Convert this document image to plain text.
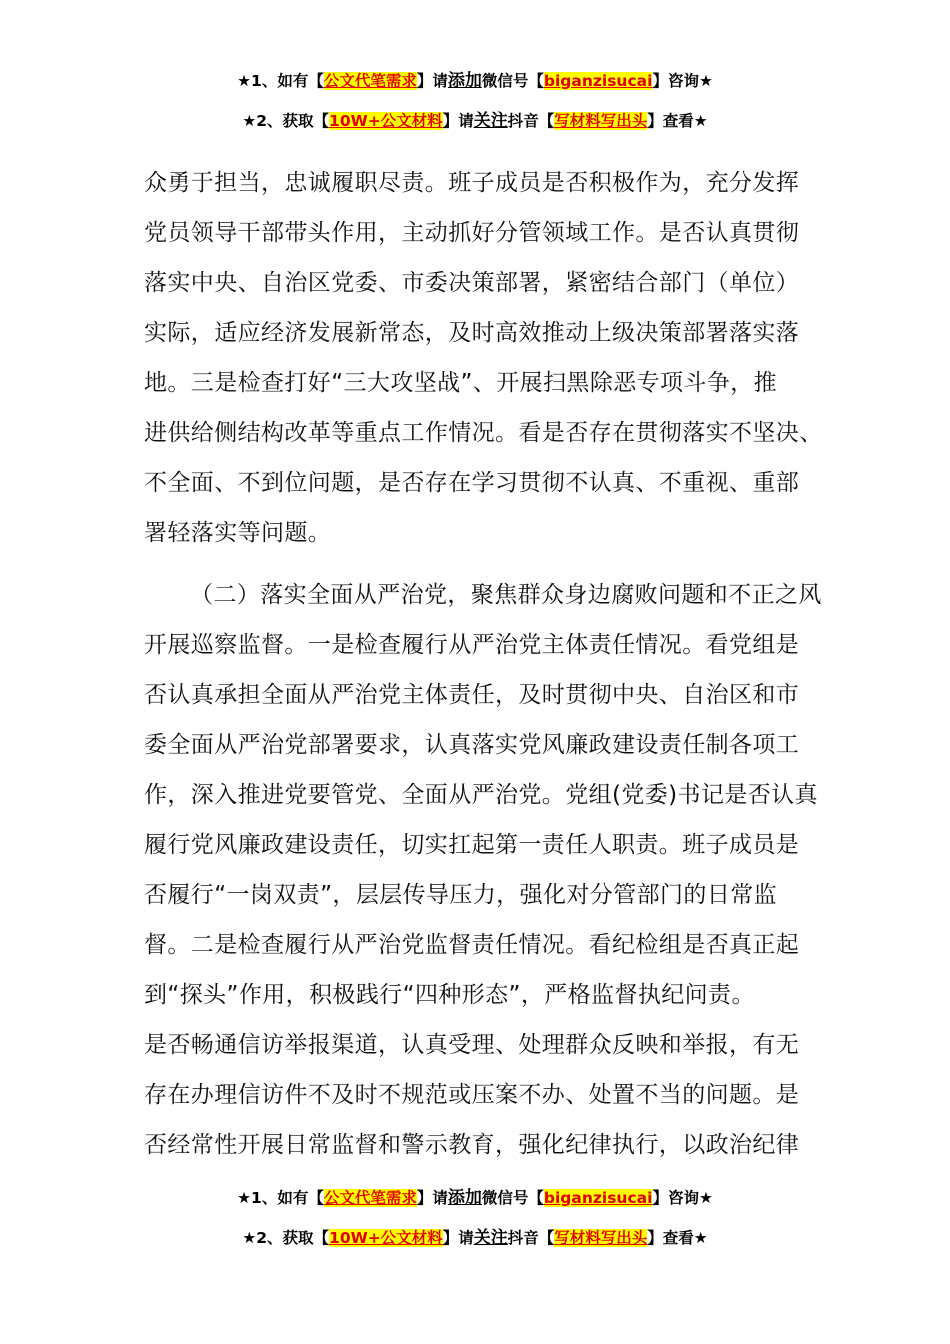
★1、如有【公文代笔需求】请添加微信号【biganzisucai】咨询★
★2、获取【10W+公文材料】请关注抖音【写材料写出头】查看★
众勇于担当，忠诚履职尽责。班子成员是否积极作为，充分发挥
党员领导干部带头作用，主动抓好分管领域工作。是否认真贯彻
落实中央、自治区党委、市委决策部署，紧密结合部门（单位）
实际，适应经济发展新常态，及时高效推动上级决策部署落实落
地。三是检查打好“三大攻坚战”、开展扫黑除恶专项斗争，推
进供给侧结构改革等重点工作情况。看是否存在贯彻落实不坚决、
不全面、不到位问题，是否存在学习贯彻不认真、不重视、重部
署轻落实等问题。
（二）落实全面从严治党，聚焦群众身边腐败问题和不正之风
开展巡察监督。一是检查履行从严治党主体责任情况。看党组是
否认真承担全面从严治党主体责任，及时贯彻中央、自治区和市
委全面从严治党部署要求，认真落实党风廉政建设责任制各项工
作，深入推进党要管党、全面从严治党。党组(党委)书记是否认真
履行党风廉政建设责任，切实扛起第一责任人职责。班子成员是
否履行“一岗双责”，层层传导压力，强化对分管部门的日常监
督。二是检查履行从严治党监督责任情况。看纪检组是否真正起
到“探头”作用，积极践行“四种形态”，严格监督执纪问责。
是否畅通信访举报渠道，认真受理、处理群众反映和举报，有无
存在办理信访件不及时不规范或压案不办、处置不当的问题。是
否经常性开展日常监督和警示教育，强化纪律执行，以政治纪律
★1、如有【公文代笔需求】请添加微信号【biganzisucai】咨询★
★2、获取【10W+公文材料】请关注抖音【写材料写出头】查看★
